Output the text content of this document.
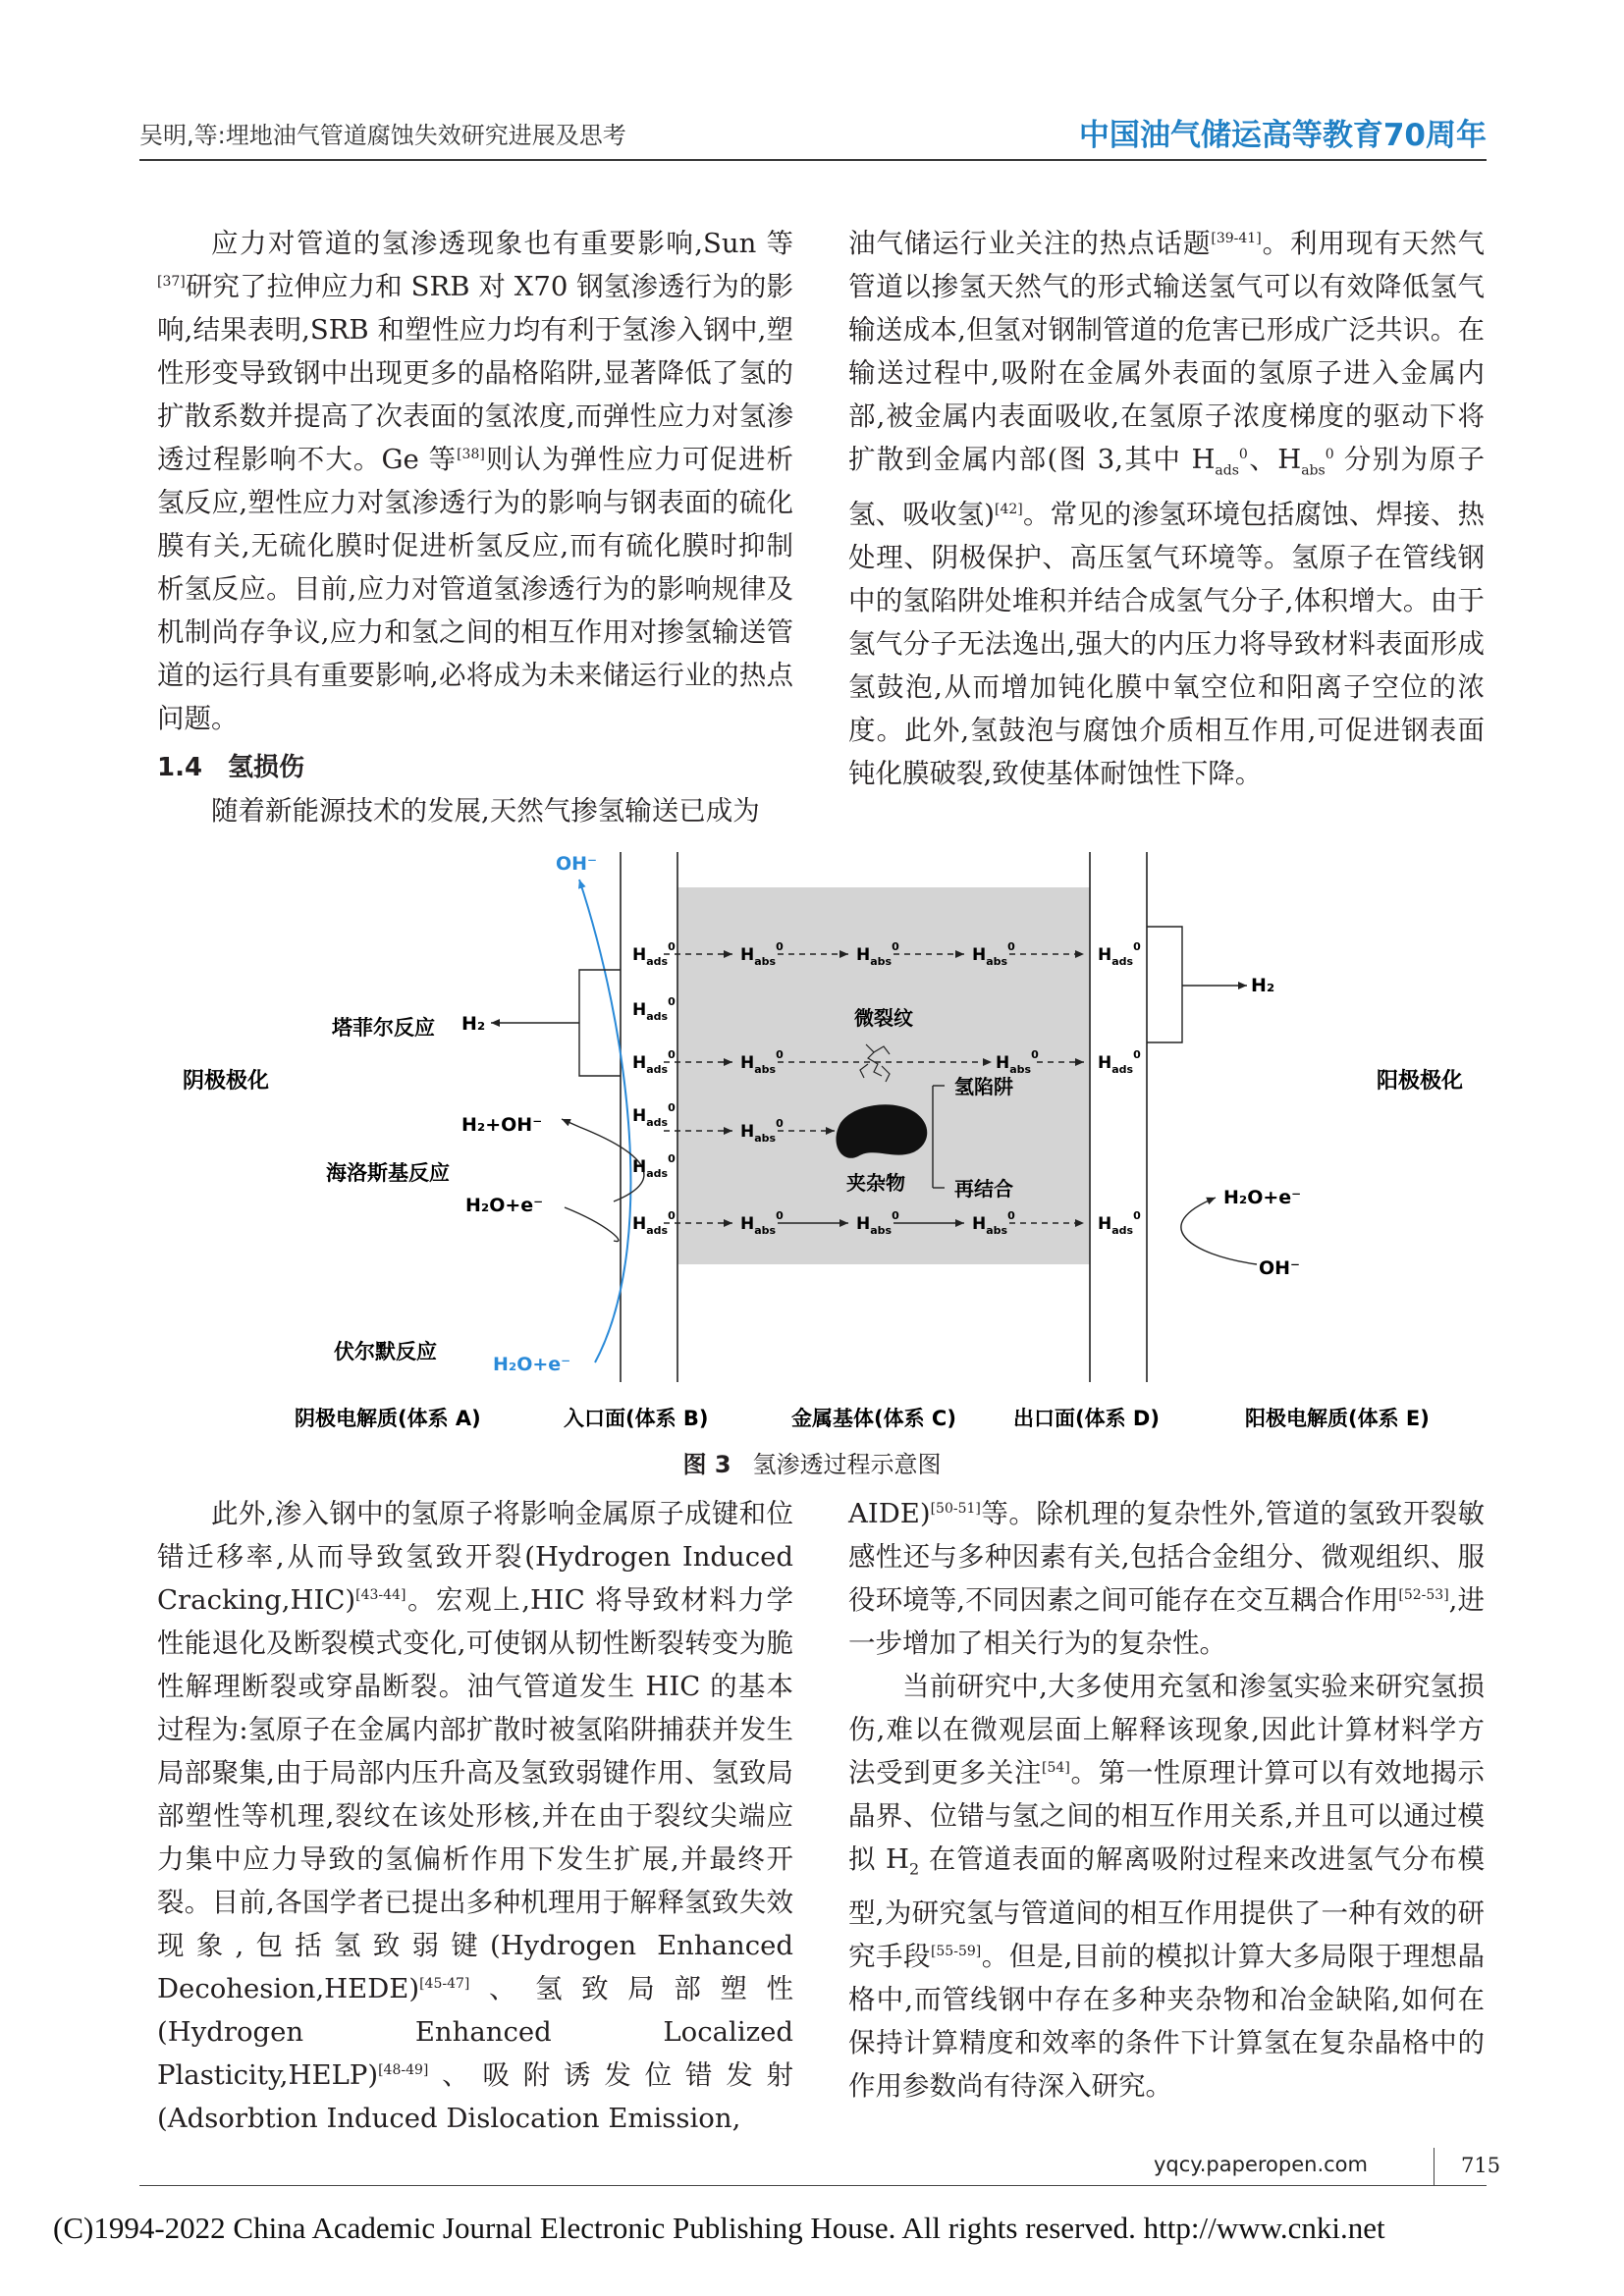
吴明,等:埋地油气管道腐蚀失效研究进展及思考	中国油气储运高等教育70周年

应力对管道的氢渗透现象也有重要影响,Sun 等[37]研究了拉伸应力和 SRB 对 X70 钢氢渗透行为的影响,结果表明,SRB 和塑性应力均有利于氢渗入钢中,塑性形变导致钢中出现更多的晶格陷阱,显著降低了氢的扩散系数并提高了次表面的氢浓度,而弹性应力对氢渗透过程影响不大。Ge 等[38]则认为弹性应力可促进析氢反应,塑性应力对氢渗透行为的影响与钢表面的硫化膜有关,无硫化膜时促进析氢反应,而有硫化膜时抑制析氢反应。目前,应力对管道氢渗透行为的影响规律及机制尚存争议,应力和氢之间的相互作用对掺氢输送管道的运行具有重要影响,必将成为未来储运行业的热点问题。

1.4　氢损伤

随着新能源技术的发展,天然气掺氢输送已成为

油气储运行业关注的热点话题[39-41]。利用现有天然气管道以掺氢天然气的形式输送氢气可以有效降低氢气输送成本,但氢对钢制管道的危害已形成广泛共识。在输送过程中,吸附在金属外表面的氢原子进入金属内部,被金属内表面吸收,在氢原子浓度梯度的驱动下将扩散到金属内部(图 3,其中 $H_{ads}^0$、$H_{abs}^0$ 分别为原子氢、吸收氢)[42]。常见的渗氢环境包括腐蚀、焊接、热处理、阴极保护、高压氢气环境等。氢原子在管线钢中的氢陷阱处堆积并结合成氢气分子,体积增大。由于氢气分子无法逸出,强大的内压力将导致材料表面形成氢鼓泡,从而增加钝化膜中氧空位和阳离子空位的浓度。此外,氢鼓泡与腐蚀介质相互作用,可促进钢表面钝化膜破裂,致使基体耐蚀性下降。

阴极极化	阳极极化
塔菲尔反应
海洛斯基反应
伏尔默反应
OH⁻
H₂O+e⁻
H₂
H₂+OH⁻
H₂O+e⁻
$H_{ads}^0$
$H_{ads}^0$
$H_{ads}^0$
$H_{ads}^0$
$H_{ads}^0$
$H_{ads}^0$
$H_{abs}^0$	$H_{abs}^0$	$H_{abs}^0$
$H_{abs}^0$	$H_{abs}^0$
$H_{abs}^0$
$H_{abs}^0$	$H_{abs}^0$	$H_{abs}^0$
微裂纹
夹杂物
氢陷阱
再结合
$H_{ads}^0$
$H_{ads}^0$
$H_{ads}^0$
H₂
H₂O+e⁻
OH⁻
阴极电解质(体系 A)	入口面(体系 B)	金属基体(体系 C)	出口面(体系 D)	阳极电解质(体系 E)
图 3 氢渗透过程示意图

此外,渗入钢中的氢原子将影响金属原子成键和位错迁移率,从而导致氢致开裂(Hydrogen Induced Cracking,HIC)[43-44]。宏观上,HIC 将导致材料力学性能退化及断裂模式变化,可使钢从韧性断裂转变为脆性解理断裂或穿晶断裂。油气管道发生 HIC 的基本过程为:氢原子在金属内部扩散时被氢陷阱捕获并发生局部聚集,由于局部内压升高及氢致弱键作用、氢致局部塑性等机理,裂纹在该处形核,并在由于裂纹尖端应力集中应力导致的氢偏析作用下发生扩展,并最终开裂。目前,各国学者已提出多种机理用于解释氢致失效现象,包括氢致弱键(Hydrogen Enhanced Decohesion,HEDE)[45-47]、氢致局部塑性(Hydrogen Enhanced Localized Plasticity,HELP)[48-49]、吸附诱发位错发射(Adsorbtion Induced Dislocation Emission,

AIDE)[50-51]等。除机理的复杂性外,管道的氢致开裂敏感性还与多种因素有关,包括合金组分、微观组织、服役环境等,不同因素之间可能存在交互耦合作用[52-53],进一步增加了相关行为的复杂性。

当前研究中,大多使用充氢和渗氢实验来研究氢损伤,难以在微观层面上解释该现象,因此计算材料学方法受到更多关注[54]。第一性原理计算可以有效地揭示晶界、位错与氢之间的相互作用关系,并且可以通过模拟 $H_2$ 在管道表面的解离吸附过程来改进氢气分布模型,为研究氢与管道间的相互作用提供了一种有效的研究手段[55-59]。但是,目前的模拟计算大多局限于理想晶格中,而管线钢中存在多种夹杂物和冶金缺陷,如何在保持计算精度和效率的条件下计算氢在复杂晶格中的作用参数尚有待深入研究。

yqcy.paperopen.com	715
(C)1994-2022 China Academic Journal Electronic Publishing House. All rights reserved. http://www.cnki.net
